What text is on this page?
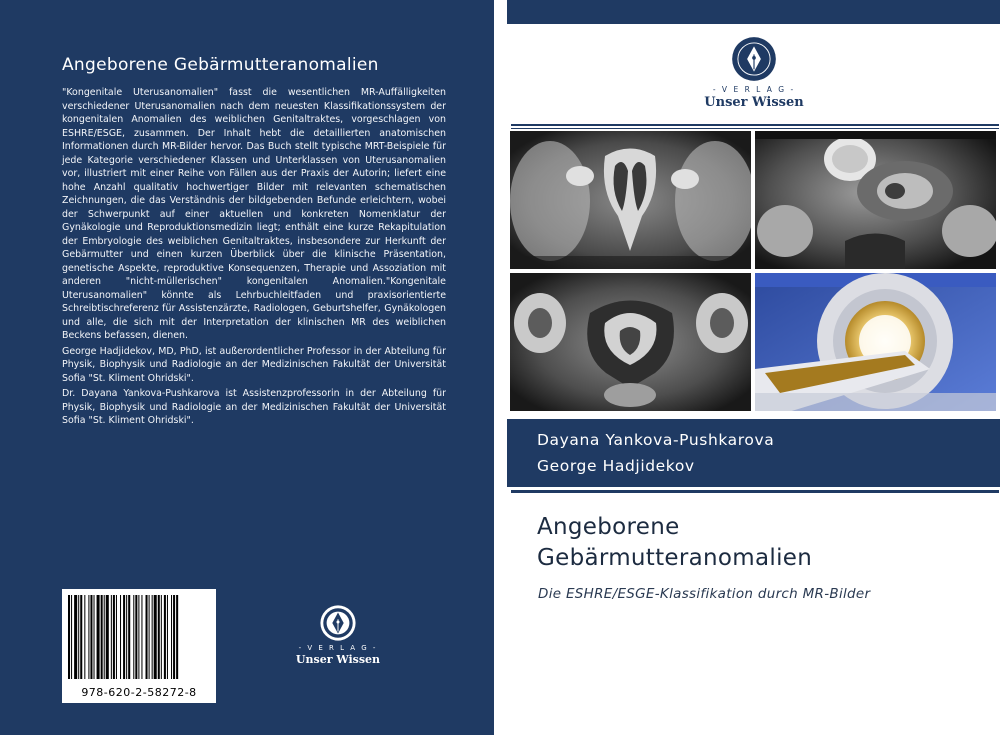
Angeborene Gebärmutteranomalien

"Kongenitale Uterusanomalien" fasst die wesentlichen MR-Auffälligkeiten verschiedener Uterusanomalien nach dem neuesten Klassifikationssystem der kongenitalen Anomalien des weiblichen Genitaltraktes, vorgeschlagen von ESHRE/ESGE, zusammen. Der Inhalt hebt die detaillierten anatomischen Informationen durch MR-Bilder hervor. Das Buch stellt typische MRT-Beispiele für jede Kategorie verschiedener Klassen und Unterklassen von Uterusanomalien vor, illustriert mit einer Reihe von Fällen aus der Praxis der Autorin; liefert eine hohe Anzahl qualitativ hochwertiger Bilder mit relevanten schematischen Zeichnungen, die das Verständnis der bildgebenden Befunde erleichtern, wobei der Schwerpunkt auf einer aktuellen und konkreten Nomenklatur der Gynäkologie und Reproduktionsmedizin liegt; enthält eine kurze Rekapitulation der Embryologie des weiblichen Genitaltraktes, insbesondere zur Herkunft der Gebärmutter und einen kurzen Überblick über die klinische Präsentation, genetische Aspekte, reproduktive Konsequenzen, Therapie und Assoziation mit anderen "nicht-müllerischen" kongenitalen Anomalien."Kongenitale Uterusanomalien" könnte als Lehrbuchleitfaden und praxisorientierte Schreibtischreferenz für Assistenzärzte, Radiologen, Geburtshelfer, Gynäkologen und alle, die sich mit der Interpretation der klinischen MR des weiblichen Beckens befassen, dienen.

George Hadjidekov, MD, PhD, ist außerordentlicher Professor in der Abteilung für Physik, Biophysik und Radiologie an der Medizinischen Fakultät der Universität Sofia "St. Kliment Ohridski".

Dr. Dayana Yankova-Pushkarova ist Assistenzprofessorin in der Abteilung für Physik, Biophysik und Radiologie an der Medizinischen Fakultät der Universität Sofia "St. Kliment Ohridski".

978-620-2-58272-8
- V E R L A G -
Unser Wissen
- V E R L A G -
Unser Wissen
Dayana Yankova-Pushkarova
George Hadjidekov
Angeborene
Gebärmutteranomalien
Die ESHRE/ESGE-Klassifikation durch MR-Bilder
